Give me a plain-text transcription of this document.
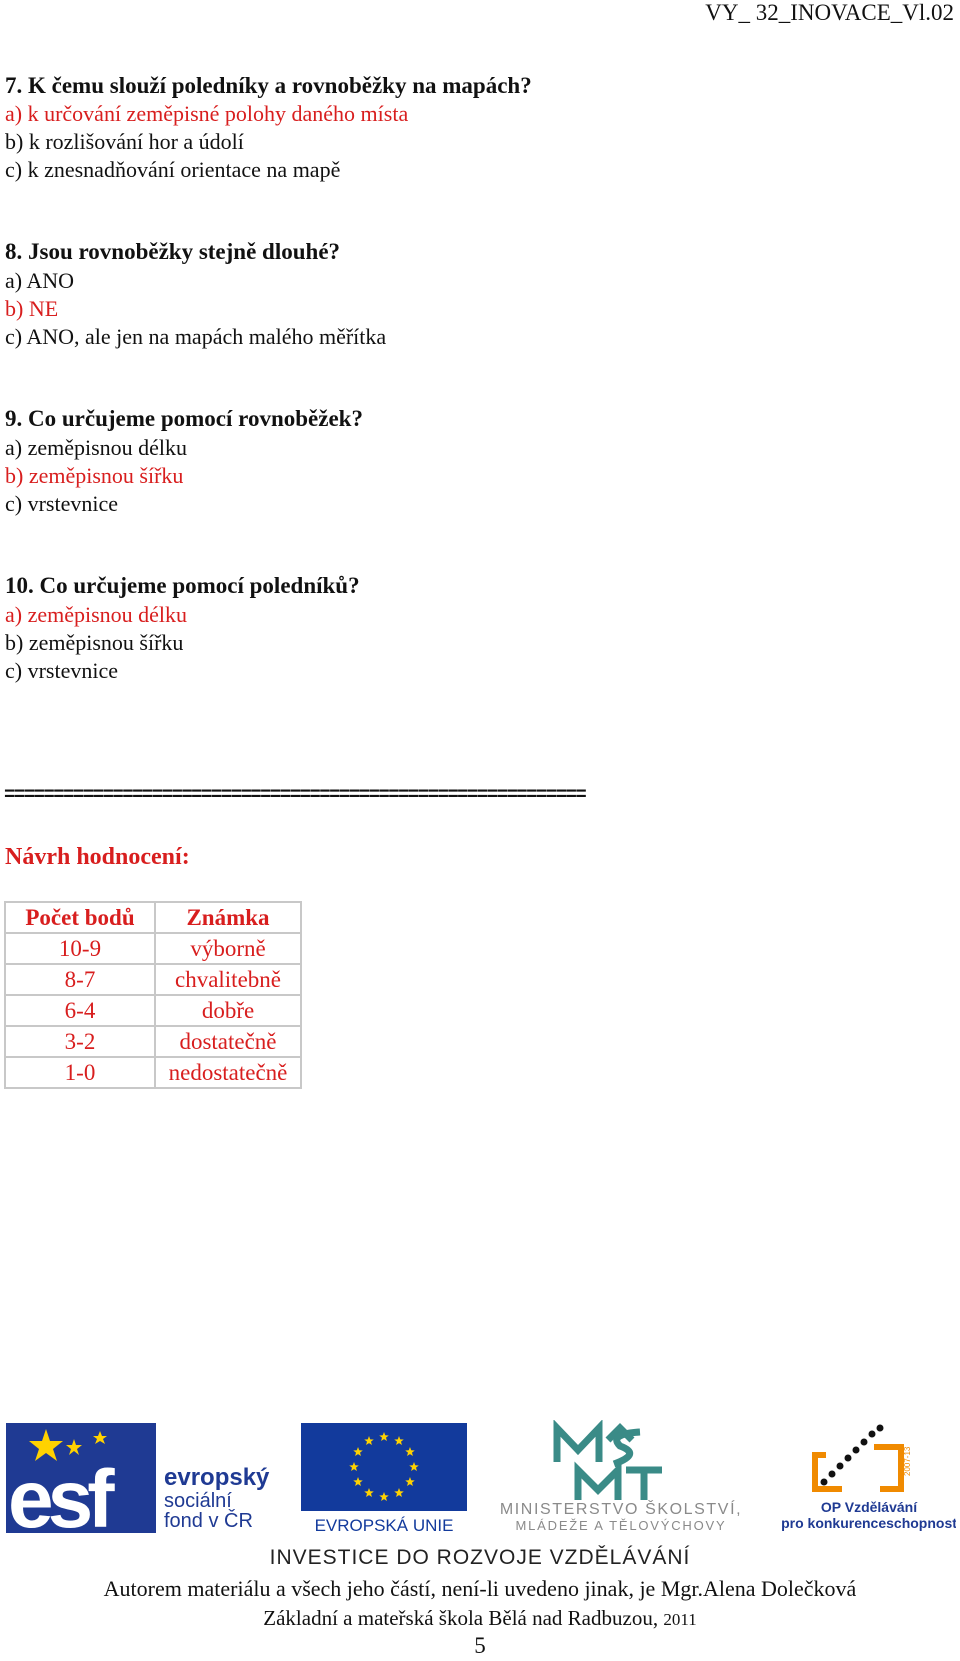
VY_ 32_INOVACE_Vl.02
7. K čemu slouží poledníky a rovnoběžky na mapách?
a) k určování zeměpisné polohy daného místa
b) k rozlišování hor a údolí
c) k znesnadňování orientace na mapě
8. Jsou rovnoběžky stejně dlouhé?
a) ANO
b) NE
c) ANO, ale jen na mapách malého měřítka
9. Co určujeme pomocí rovnoběžek?
a) zeměpisnou délku
b) zeměpisnou šířku
c) vrstevnice
10. Co určujeme pomocí poledníků?
a) zeměpisnou délku
b) zeměpisnou šířku
c) vrstevnice
===========================================================
Návrh hodnocení:
Počet bodů	Známka
10-9	výborně
8-7	chvalitebně
6-4	dobře
3-2	dostatečně
1-0	nedostatečně
esf evropský
sociální
fond v ČR	EVROPSKÁ UNIE
MINISTERSTVO ŠKOLSTVÍ,
MLÁDEŽE A TĚLOVÝCHOVY
2007-13
OP Vzdělávání
pro konkurenceschopnost
INVESTICE DO ROZVOJE VZDĚLÁVÁNÍ
Autorem materiálu a všech jeho částí, není-li uvedeno jinak, je Mgr.Alena Dolečková
Základní a mateřská škola Bělá nad Radbuzou, 2011
5
